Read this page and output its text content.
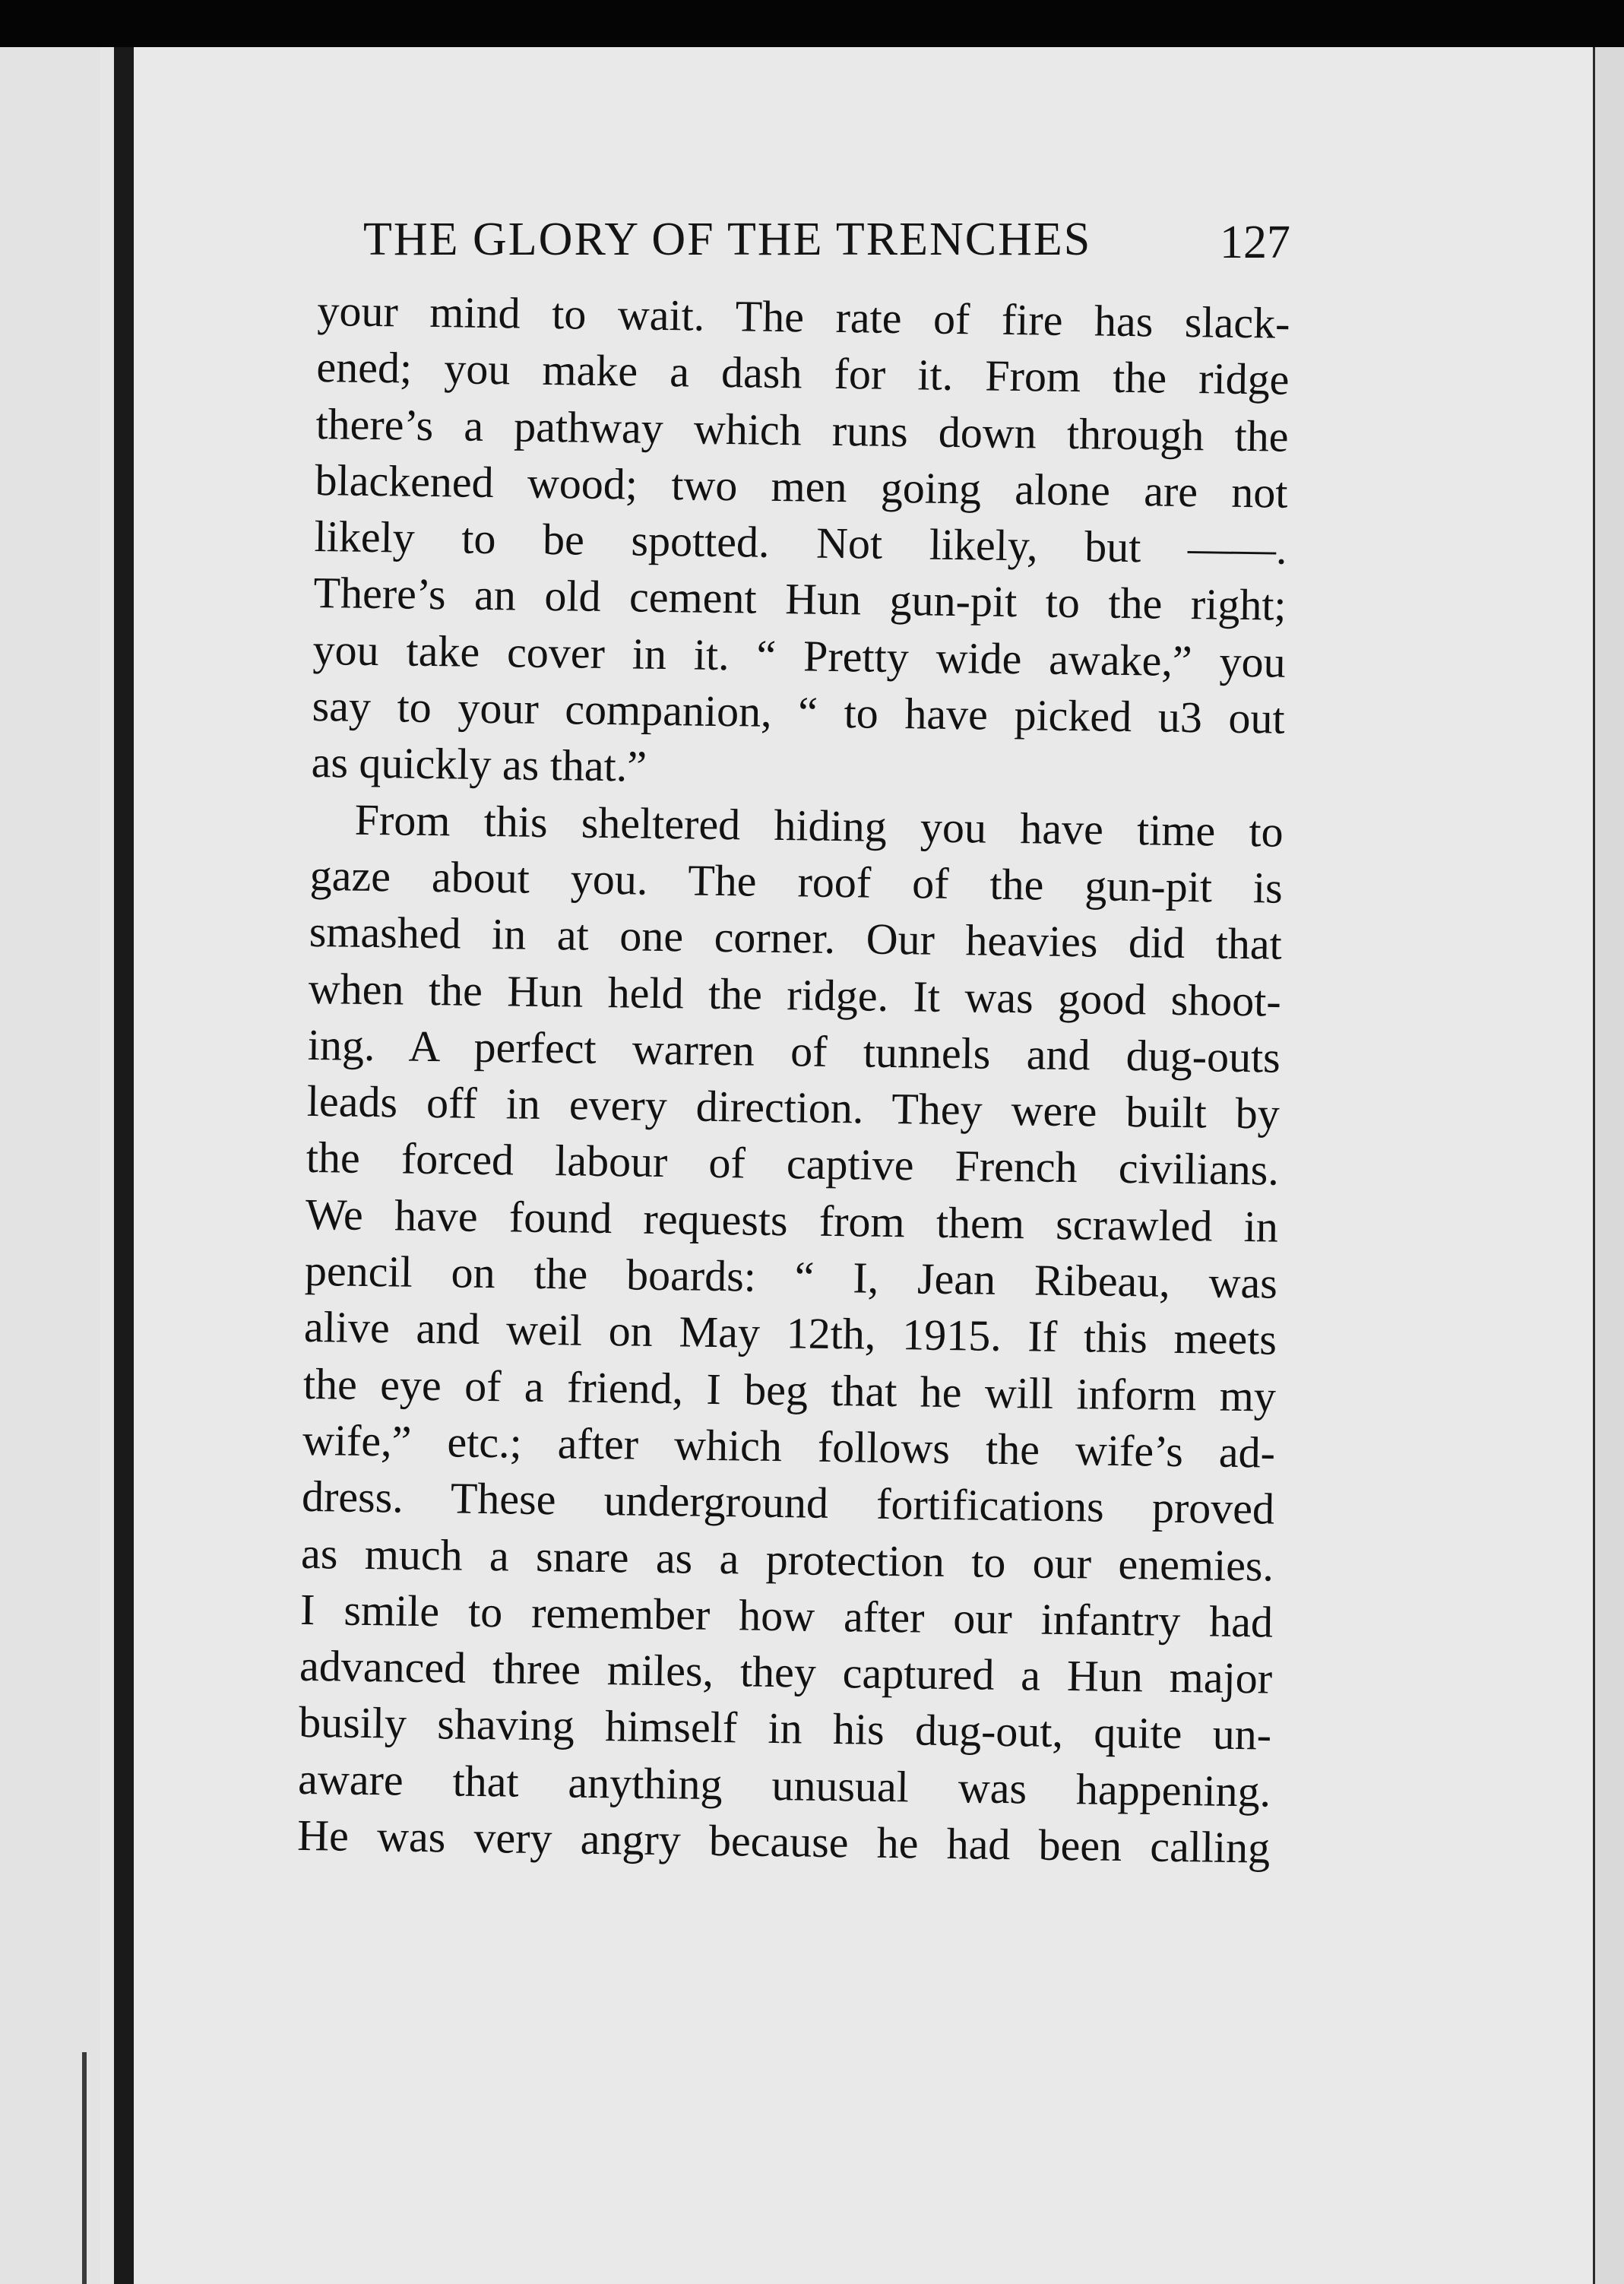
THE GLORY OF THE TRENCHES	127
your mind to wait. The rate of fire has slack-
ened; you make a dash for it. From the ridge
there’s a pathway which runs down through the
blackened wood; two men going alone are not
likely to be spotted. Not likely, but ——.
There’s an old cement Hun gun-pit to the right;
you take cover in it. “ Pretty wide awake,” you
say to your companion, “ to have picked u3 out
as quickly as that.”
From this sheltered hiding you have time to
gaze about you. The roof of the gun-pit is
smashed in at one corner. Our heavies did that
when the Hun held the ridge. It was good shoot-
ing. A perfect warren of tunnels and dug-outs
leads off in every direction. They were built by
the forced labour of captive French civilians.
We have found requests from them scrawled in
pencil on the boards: “ I, Jean Ribeau, was
alive and weil on May 12th, 1915. If this meets
the eye of a friend, I beg that he will inform my
wife,” etc.; after which follows the wife’s ad-
dress. These underground fortifications proved
as much a snare as a protection to our enemies.
I smile to remember how after our infantry had
advanced three miles, they captured a Hun major
busily shaving himself in his dug-out, quite un-
aware that anything unusual was happening.
He was very angry because he had been calling
